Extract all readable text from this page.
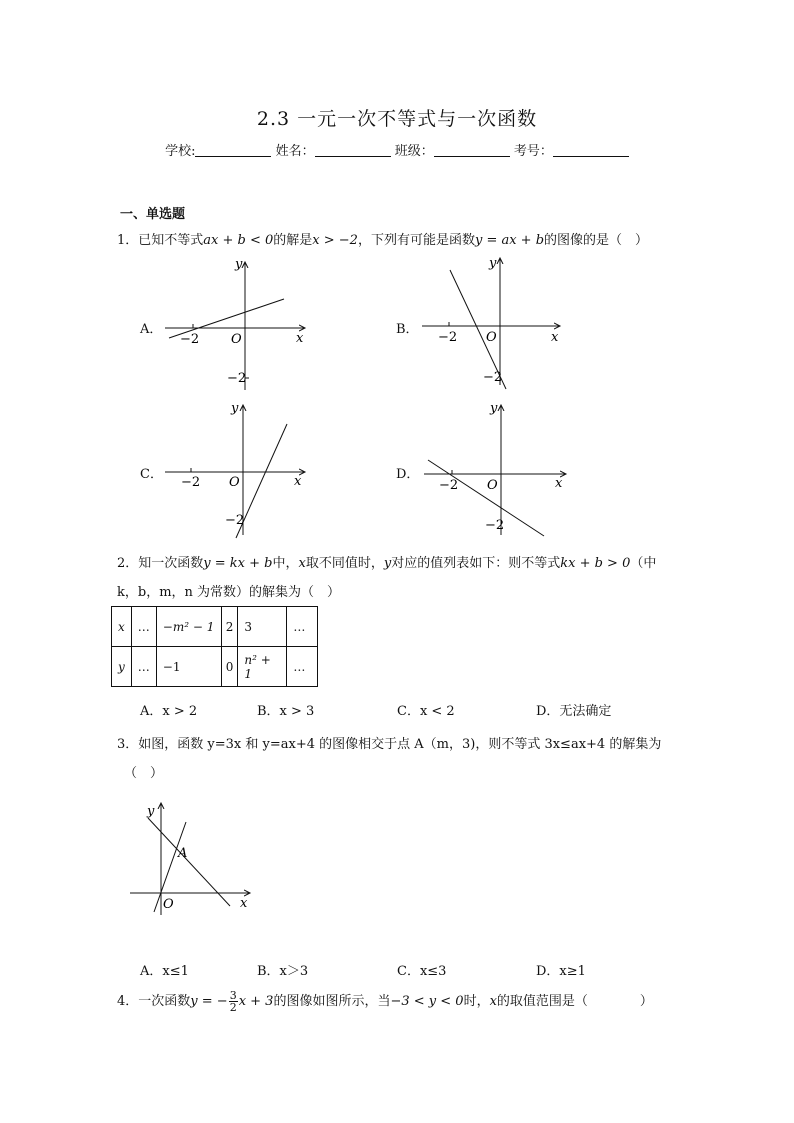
2.3 一元一次不等式与一次函数
学校:	姓名：	班级：	考号：
一、单选题
1．已知不等式ax + b < 0的解是x > −2，下列有可能是函数y = ax + b的图像的是（　）
A．	B．
C．	D．
y
x
O
−2
−2
y
x
O
−2
−2
y
x
O
−2
−2
y
x
O
−2
−2
y
x
O
A
2．知一次函数y = kx + b中，x取不同值时，y对应的值列表如下：则不等式kx + b > 0（中
k，b，m，n 为常数）的解集为（　）
x	…	−m² − 1	2	3	…
y	…	−1	0	n² + 1	…
A．x > 2	B．x > 3	C．x < 2	D．无法确定
3．如图，函数 y=3x 和 y=ax+4 的图像相交于点 A（m，3)，则不等式 3x≤ax+4 的解集为
（　）
A．x≤1	B．x＞3	C．x≤3	D．x≥1
4．一次函数y = − $\frac{3}{2}$ x + 3的图像如图所示，当−3 < y < 0时，x的取值范围是（　　　　）
